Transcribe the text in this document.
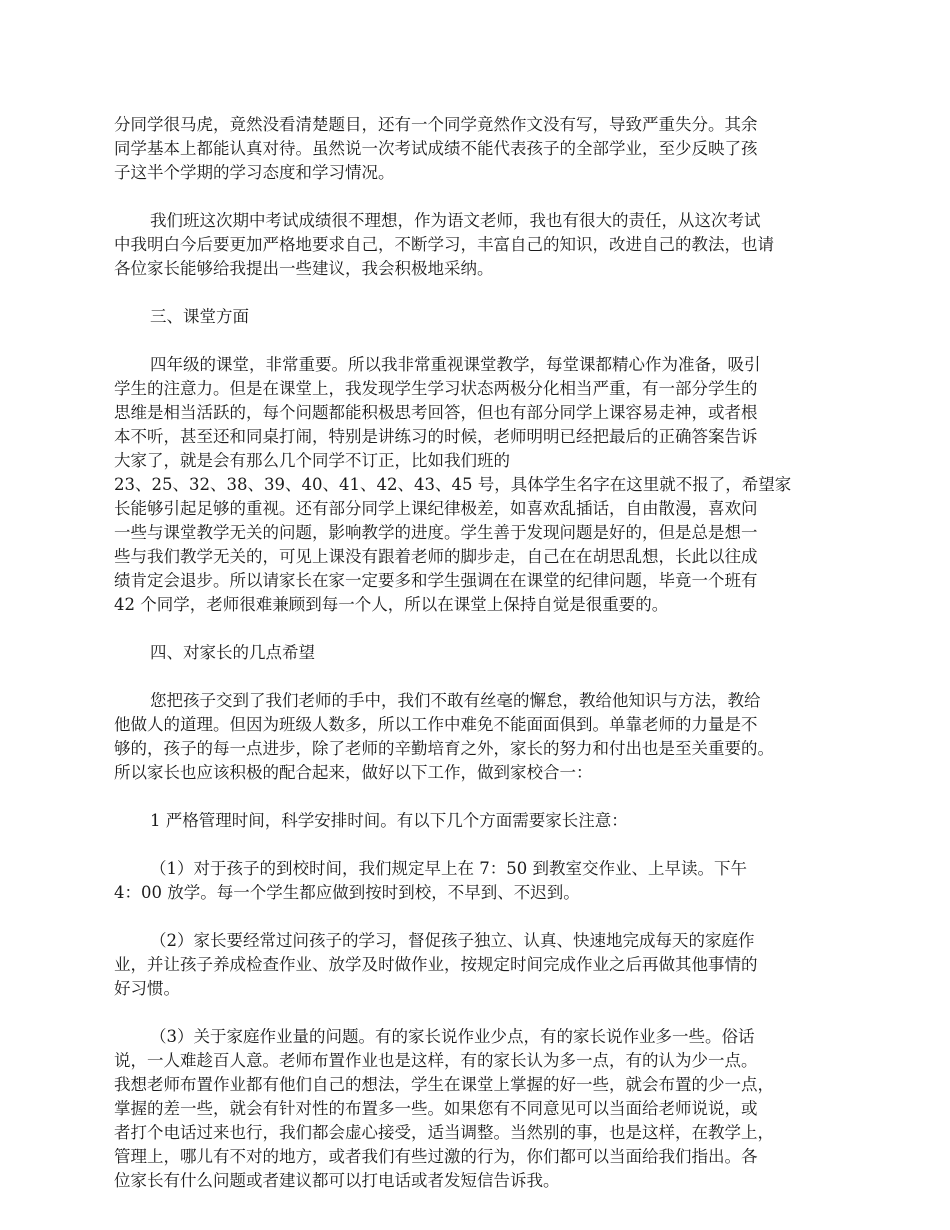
分同学很马虎，竟然没看清楚题目，还有一个同学竟然作文没有写，导致严重失分。其余
同学基本上都能认真对待。虽然说一次考试成绩不能代表孩子的全部学业，至少反映了孩
子这半个学期的学习态度和学习情况。

我们班这次期中考试成绩很不理想，作为语文老师，我也有很大的责任，从这次考试
中我明白今后要更加严格地要求自己，不断学习，丰富自己的知识，改进自己的教法，也请
各位家长能够给我提出一些建议，我会积极地采纳。

三、课堂方面

四年级的课堂，非常重要。所以我非常重视课堂教学，每堂课都精心作为准备，吸引
学生的注意力。但是在课堂上，我发现学生学习状态两极分化相当严重，有一部分学生的
思维是相当活跃的，每个问题都能积极思考回答，但也有部分同学上课容易走神，或者根
本不听，甚至还和同桌打闹，特别是讲练习的时候，老师明明已经把最后的正确答案告诉
大家了，就是会有那么几个同学不订正，比如我们班的
23、25、32、38、39、40、41、42、43、45 号，具体学生名字在这里就不报了，希望家
长能够引起足够的重视。还有部分同学上课纪律极差，如喜欢乱插话，自由散漫，喜欢问
一些与课堂教学无关的问题，影响教学的进度。学生善于发现问题是好的，但是总是想一
些与我们教学无关的，可见上课没有跟着老师的脚步走，自己在在胡思乱想，长此以往成
绩肯定会退步。所以请家长在家一定要多和学生强调在在课堂的纪律问题，毕竟一个班有
42 个同学，老师很难兼顾到每一个人，所以在课堂上保持自觉是很重要的。

四、对家长的几点希望

您把孩子交到了我们老师的手中，我们不敢有丝毫的懈怠，教给他知识与方法，教给
他做人的道理。但因为班级人数多，所以工作中难免不能面面俱到。单靠老师的力量是不
够的，孩子的每一点进步，除了老师的辛勤培育之外，家长的努力和付出也是至关重要的。
所以家长也应该积极的配合起来，做好以下工作，做到家校合一：

1 严格管理时间，科学安排时间。有以下几个方面需要家长注意：

（1）对于孩子的到校时间，我们规定早上在 7：50 到教室交作业、上早读。下午
4：00 放学。每一个学生都应做到按时到校，不早到、不迟到。

（2）家长要经常过问孩子的学习，督促孩子独立、认真、快速地完成每天的家庭作
业，并让孩子养成检查作业、放学及时做作业，按规定时间完成作业之后再做其他事情的
好习惯。

（3）关于家庭作业量的问题。有的家长说作业少点，有的家长说作业多一些。俗话
说，一人难趁百人意。老师布置作业也是这样，有的家长认为多一点，有的认为少一点。
我想老师布置作业都有他们自己的想法，学生在课堂上掌握的好一些，就会布置的少一点，
掌握的差一些，就会有针对性的布置多一些。如果您有不同意见可以当面给老师说说，或
者打个电话过来也行，我们都会虚心接受，适当调整。当然别的事，也是这样，在教学上，
管理上，哪儿有不对的地方，或者我们有些过激的行为，你们都可以当面给我们指出。各
位家长有什么问题或者建议都可以打电话或者发短信告诉我。
